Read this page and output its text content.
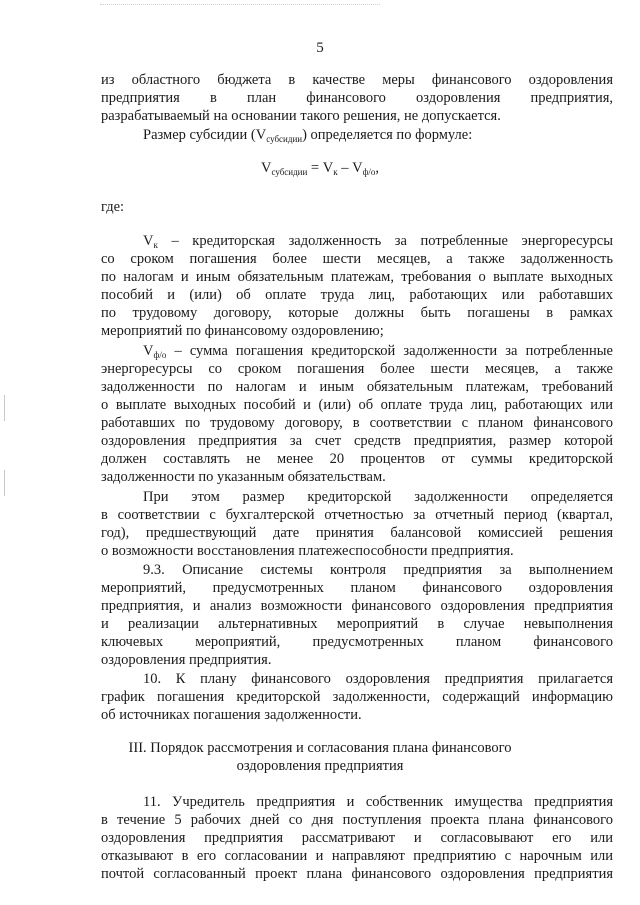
5
из областного бюджета в качестве меры финансового оздоровления
предприятия в план финансового оздоровления предприятия,
разрабатываемый на основании такого решения, не допускается.
Размер субсидии $(V_{субсидии})$ определяется по формуле:
$V_{субсидии} = V_к - V_{ф/о}$,
где:
$V_к$ – кредиторская задолженность за потребленные энергоресурсы
со сроком погашения более шести месяцев, а также задолженность
по налогам и иным обязательным платежам, требования о выплате выходных
пособий и (или) об оплате труда лиц, работающих или работавших
по трудовому договору, которые должны быть погашены в рамках
мероприятий по финансовому оздоровлению;
$V_{ф/о}$ – сумма погашения кредиторской задолженности за потребленные
энергоресурсы со сроком погашения более шести месяцев, а также
задолженности по налогам и иным обязательным платежам, требований
о выплате выходных пособий и (или) об оплате труда лиц, работающих или
работавших по трудовому договору, в соответствии с планом финансового
оздоровления предприятия за счет средств предприятия, размер которой
должен составлять не менее 20 процентов от суммы кредиторской
задолженности по указанным обязательствам.
При этом размер кредиторской задолженности определяется
в соответствии с бухгалтерской отчетностью за отчетный период (квартал,
год), предшествующий дате принятия балансовой комиссией решения
о возможности восстановления платежеспособности предприятия.
9.3. Описание системы контроля предприятия за выполнением
мероприятий, предусмотренных планом финансового оздоровления
предприятия, и анализ возможности финансового оздоровления предприятия
и реализации альтернативных мероприятий в случае невыполнения
ключевых мероприятий, предусмотренных планом финансового
оздоровления предприятия.
10. К плану финансового оздоровления предприятия прилагается
график погашения кредиторской задолженности, содержащий информацию
об источниках погашения задолженности.
III. Порядок рассмотрения и согласования плана финансового
оздоровления предприятия
11. Учредитель предприятия и собственник имущества предприятия
в течение 5 рабочих дней со дня поступления проекта плана финансового
оздоровления предприятия рассматривают и согласовывают его или
отказывают в его согласовании и направляют предприятию с нарочным или
почтой согласованный проект плана финансового оздоровления предприятия
